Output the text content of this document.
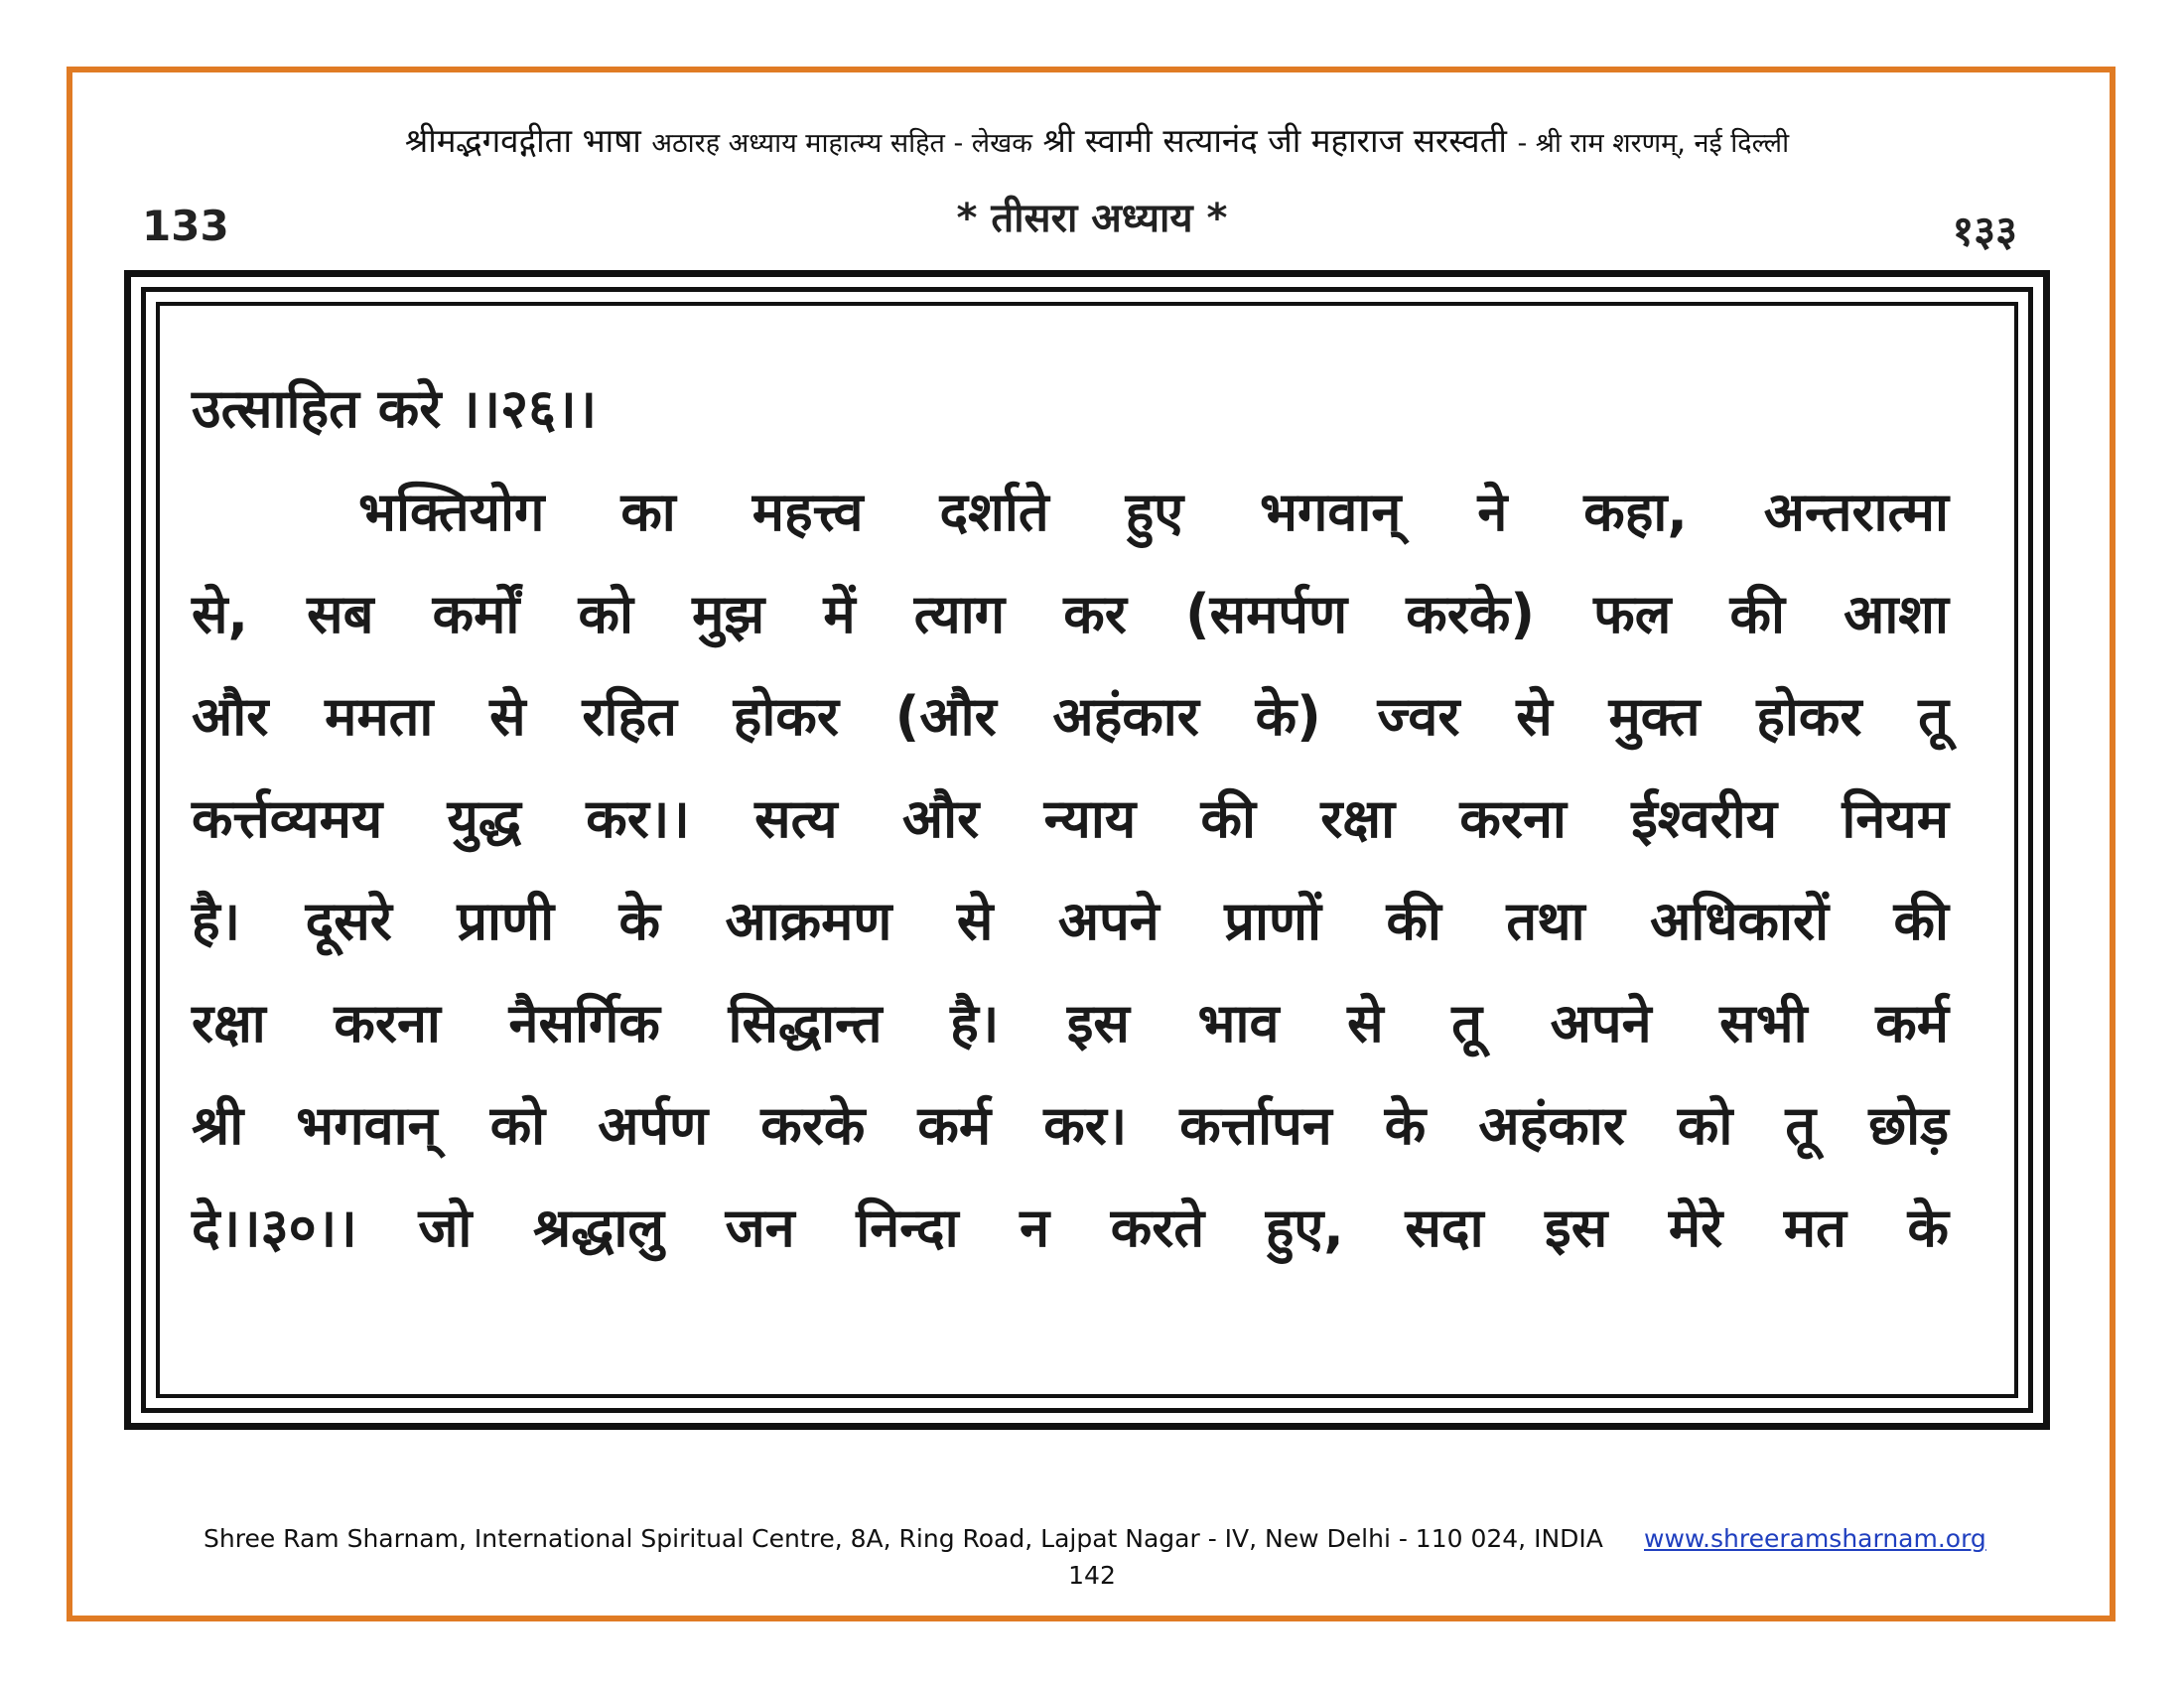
श्रीमद्भगवद्गीता भाषा अठारह अध्याय माहात्म्य सहित - लेखक श्री स्वामी सत्यानंद जी महाराज सरस्वती - श्री राम शरणम्, नई दिल्ली
133	* तीसरा अध्याय *	१३३
उत्साहित करे ।।२६।।
भक्तियोग का महत्त्व दर्शाते हुए भगवान् ने कहा, अन्तरात्मा
से, सब कर्मों को मुझ में त्याग कर (समर्पण करके) फल की आशा
और ममता से रहित होकर (और अहंकार के) ज्वर से मुक्त होकर तू
कर्त्तव्यमय युद्ध कर।। सत्य और न्याय की रक्षा करना ईश्वरीय नियम
है। दूसरे प्राणी के आक्रमण से अपने प्राणों की तथा अधिकारों की
रक्षा करना नैसर्गिक सिद्धान्त है। इस भाव से तू अपने सभी कर्म
श्री भगवान् को अर्पण करके कर्म कर। कर्त्तापन के अहंकार को तू छोड़
दे।।३०।। जो श्रद्धालु जन निन्दा न करते हुए, सदा इस मेरे मत के
Shree Ram Sharnam, International Spiritual Centre, 8A, Ring Road, Lajpat Nagar - IV, New Delhi - 110 024, INDIA www.shreeramsharnam.org
142
